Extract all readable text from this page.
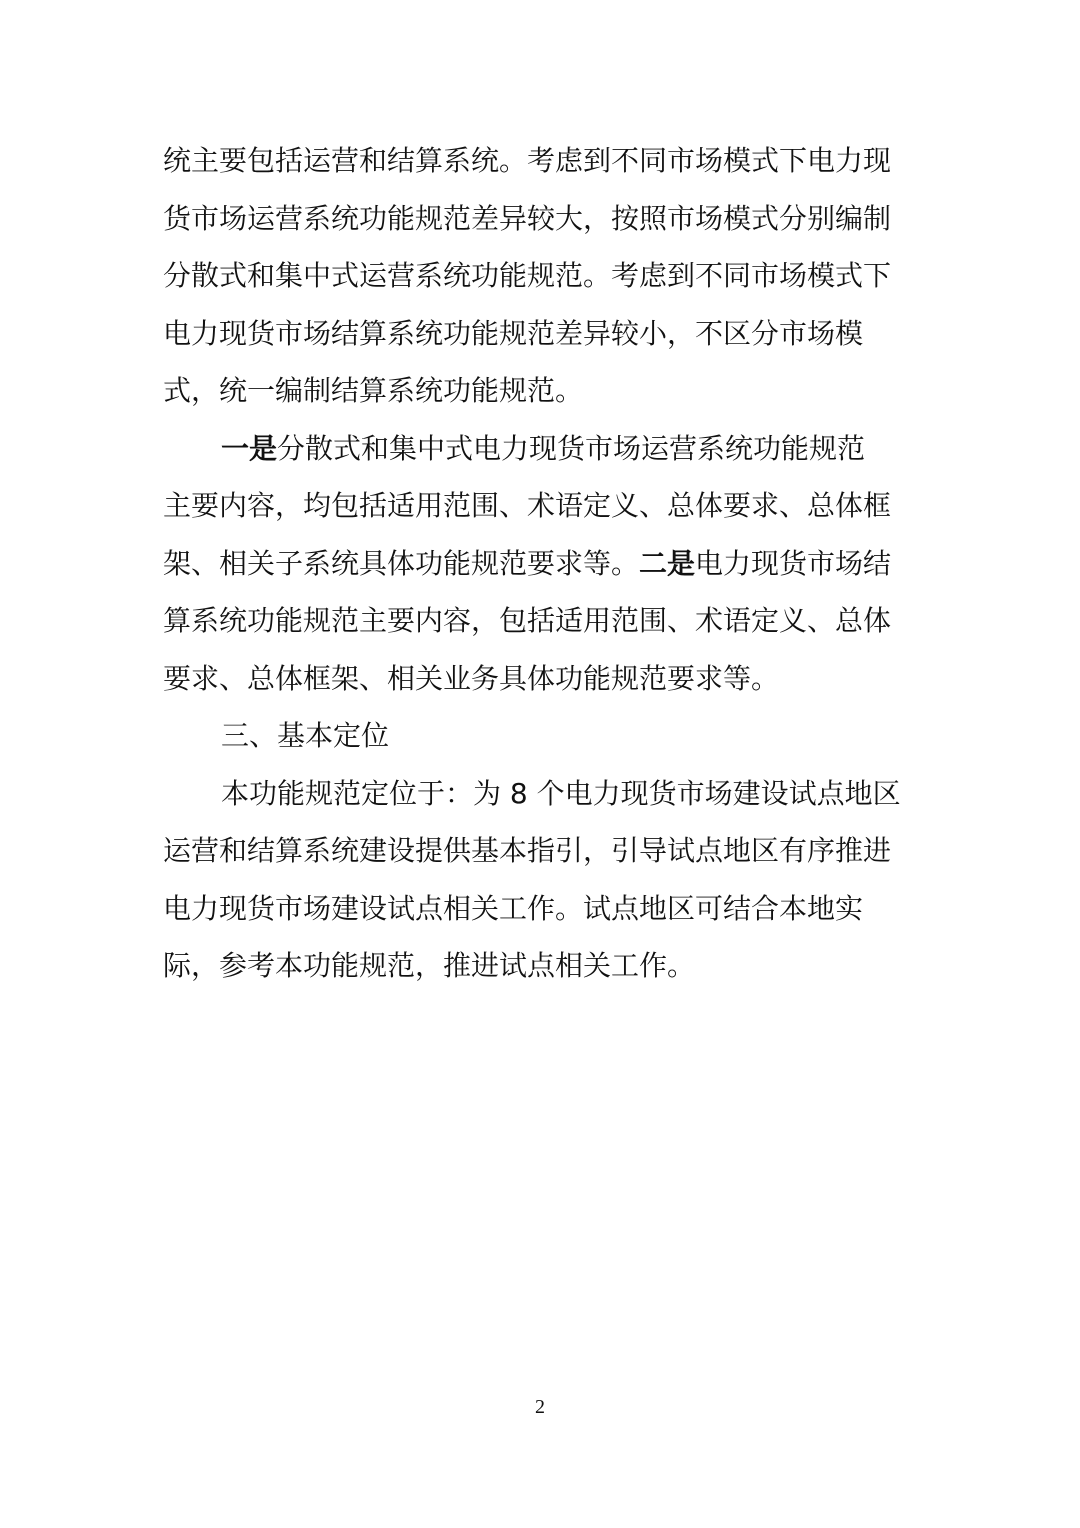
统主要包括运营和结算系统。考虑到不同市场模式下电力现
货市场运营系统功能规范差异较大，按照市场模式分别编制
分散式和集中式运营系统功能规范。考虑到不同市场模式下
电力现货市场结算系统功能规范差异较小，不区分市场模
式，统一编制结算系统功能规范。
一是分散式和集中式电力现货市场运营系统功能规范
主要内容，均包括适用范围、术语定义、总体要求、总体框
架、相关子系统具体功能规范要求等。二是电力现货市场结
算系统功能规范主要内容，包括适用范围、术语定义、总体
要求、总体框架、相关业务具体功能规范要求等。
三、基本定位
本功能规范定位于：为 8 个电力现货市场建设试点地区
运营和结算系统建设提供基本指引，引导试点地区有序推进
电力现货市场建设试点相关工作。试点地区可结合本地实
际，参考本功能规范，推进试点相关工作。
2
